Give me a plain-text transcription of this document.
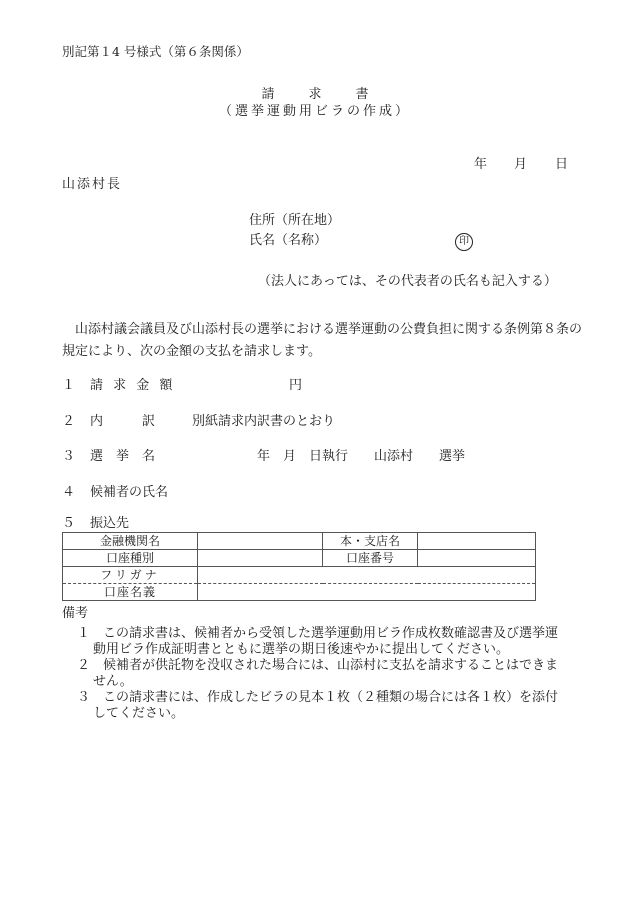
別記第１4 号様式（第６条関係）
請	求	書
（選挙運動用ビラの作成）
年 月 日
山添村長
住所（所在地）
氏名（名称）	印
（法人にあっては、その代表者の氏名も記入する）
　山添村議会議員及び山添村長の選挙における選挙運動の公費負担に関する条例第８条の規定により、次の金額の支払を請求します。
１ 請 求 金 額	円
２ 内　　　訳	別紙請求内訳書のとおり
３ 選　挙　名	年　月　日執行　　山添村　　選挙
４ 候補者の氏名
５ 振込先
金融機関名		本・支店名	
口座種別		口座番号	
フリガナ			
口座名義			
備考
１ この請求書は、候補者から受領した選挙運動用ビラ作成枚数確認書及び選挙運
動用ビラ作成証明書とともに選挙の期日後速やかに提出してください。
２ 候補者が供託物を没収された場合には、山添村に支払を請求することはできま
せん。
３ この請求書には、作成したビラの見本１枚（２種類の場合には各１枚）を添付
してください。
